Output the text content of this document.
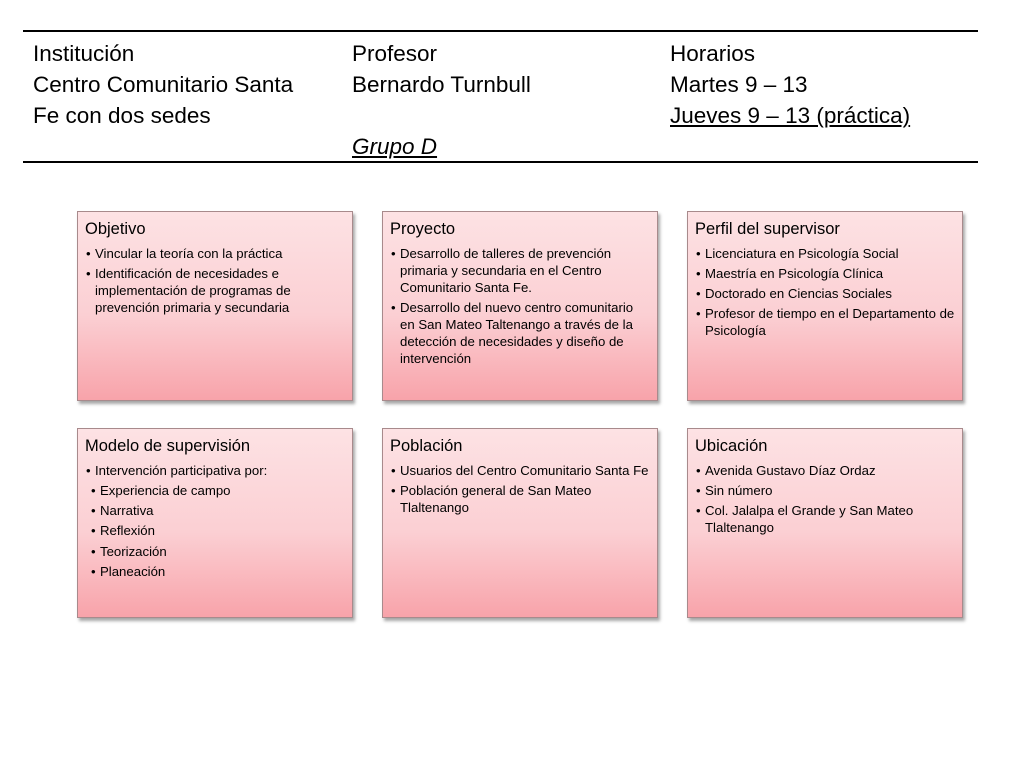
Institución
Centro Comunitario Santa
Fe con dos sedes
Profesor
Bernardo Turnbull
Grupo D
Horarios
Martes 9 – 13
Jueves 9 – 13 (práctica)
Objetivo
• Vincular la teoría con la práctica
• Identificación de necesidades e implementación de programas de prevención primaria y secundaria
Proyecto
• Desarrollo de talleres de prevención primaria y secundaria en el Centro Comunitario Santa Fe.
• Desarrollo del nuevo centro comunitario en San Mateo Taltenango a través de la detección de necesidades y diseño de intervención
Perfil del supervisor
• Licenciatura en Psicología Social
• Maestría en Psicología Clínica
• Doctorado en Ciencias Sociales
• Profesor de tiempo en el Departamento de Psicología
Modelo de supervisión
• Intervención participativa por:
• Experiencia de campo
• Narrativa
• Reflexión
• Teorización
• Planeación
Población
• Usuarios del Centro Comunitario Santa Fe
• Población general de San Mateo Tlaltenango
Ubicación
• Avenida Gustavo Díaz Ordaz
• Sin número
• Col. Jalalpa el Grande y San Mateo Tlaltenango
